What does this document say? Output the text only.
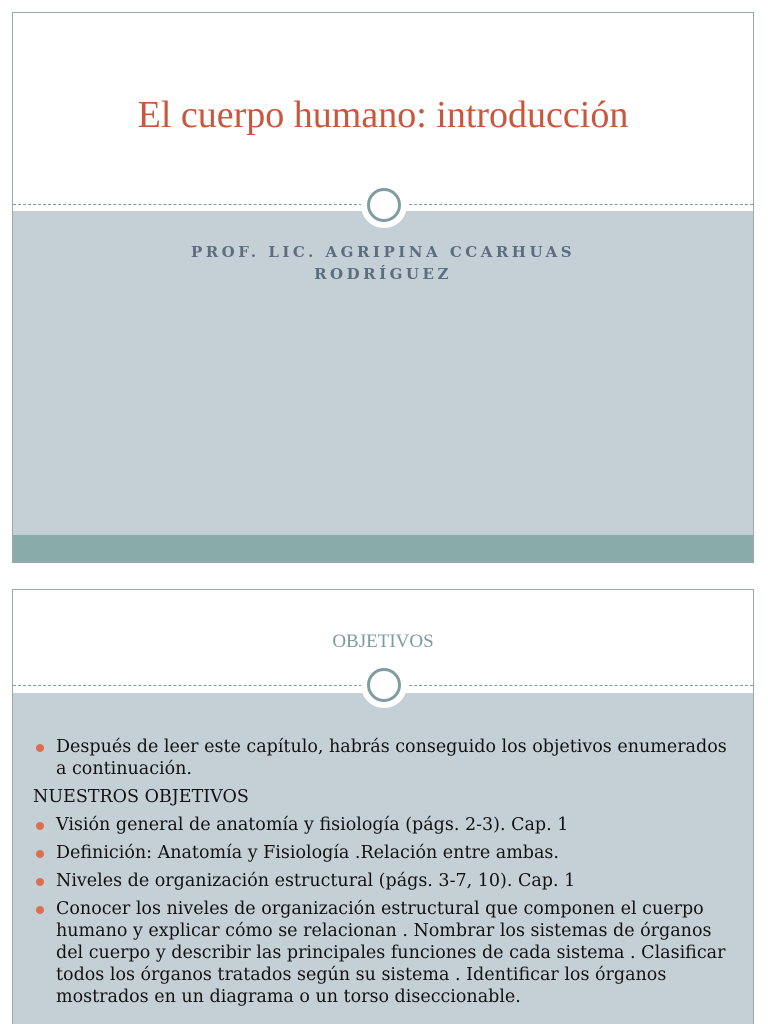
El cuerpo humano: introducción
PROF. LIC. AGRIPINA CCARHUAS
RODRÍGUEZ
OBJETIVOS
Después de leer este capítulo, habrás conseguido los objetivos enumerados a continuación.
NUESTROS OBJETIVOS
Visión general de anatomía y fisiología (págs. 2-3). Cap. 1
Definición: Anatomía y Fisiología .Relación entre ambas.
Niveles de organización estructural (págs. 3-7, 10). Cap. 1
Conocer los niveles de organización estructural que componen el cuerpo humano y explicar cómo se relacionan . Nombrar los sistemas de órganos del cuerpo y describir las principales funciones de cada sistema . Clasificar todos los órganos tratados según su sistema . Identificar los órganos mostrados en un diagrama o un torso diseccionable.
